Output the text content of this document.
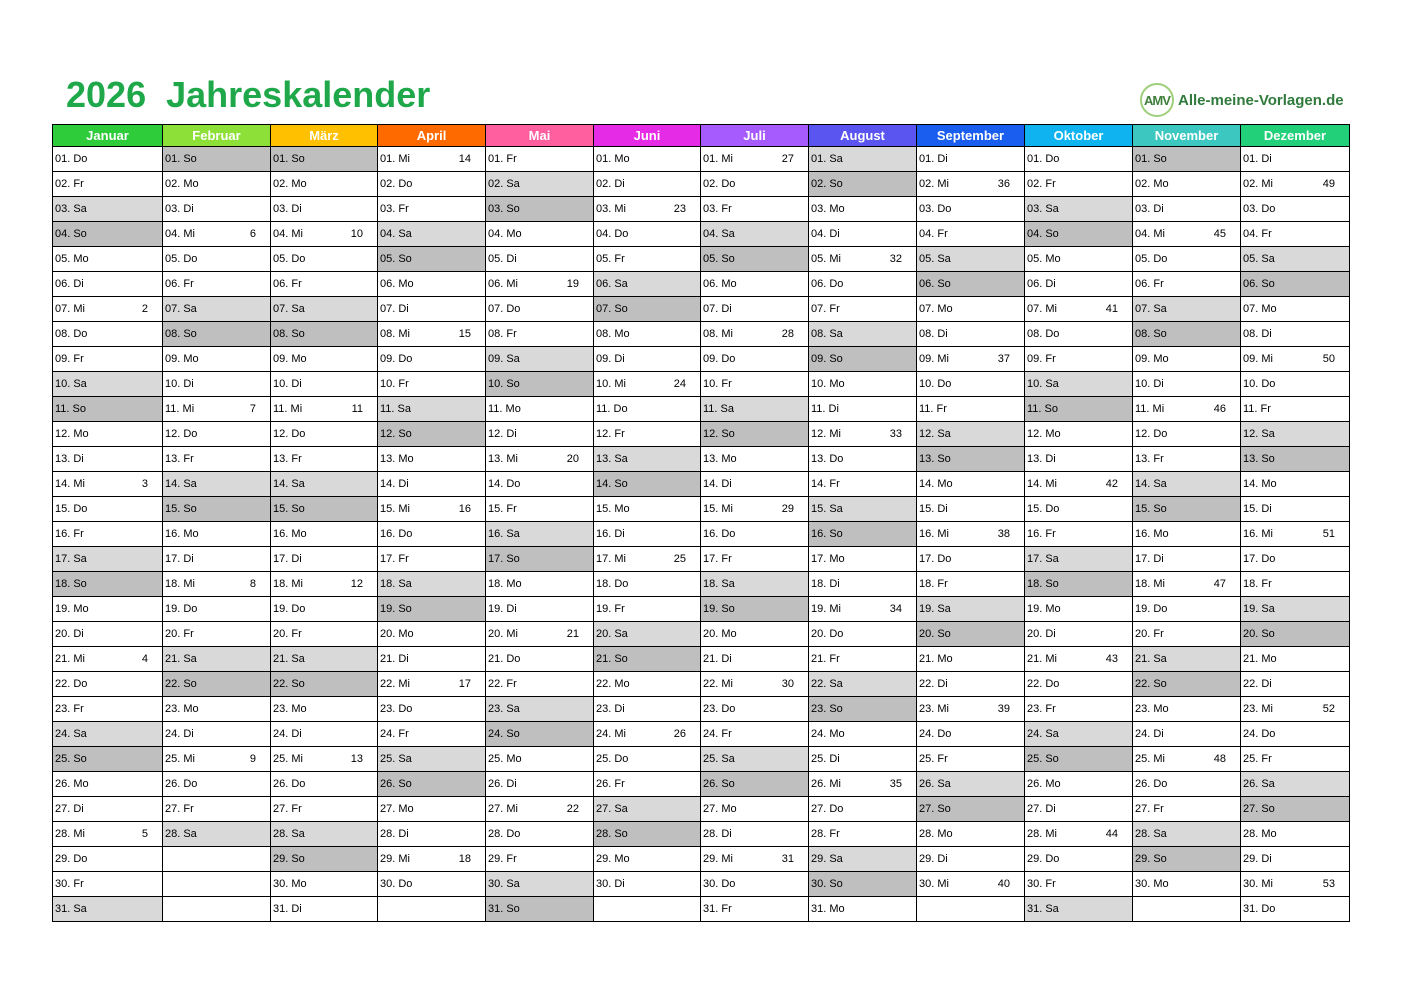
2026 Jahreskalender	AMV Alle-meine-Vorlagen.de
Januar	Februar	März	April	Mai	Juni	Juli	August	September	Oktober	November	Dezember

01. Do	01. So	01. So	01. Mi 14	01. Fr	01. Mo	01. Mi 27	01. Sa	01. Di	01. Do	01. So	01. Di

02. Fr	02. Mo	02. Mo	02. Do	02. Sa	02. Di	02. Do	02. So	02. Mi 36	02. Fr	02. Mo	02. Mi 49

03. Sa	03. Di	03. Di	03. Fr	03. So	03. Mi 23	03. Fr	03. Mo	03. Do	03. Sa	03. Di	03. Do

04. So	04. Mi 6	04. Mi 10	04. Sa	04. Mo	04. Do	04. Sa	04. Di	04. Fr	04. So	04. Mi 45	04. Fr

05. Mo	05. Do	05. Do	05. So	05. Di	05. Fr	05. So	05. Mi 32	05. Sa	05. Mo	05. Do	05. Sa

06. Di	06. Fr	06. Fr	06. Mo	06. Mi 19	06. Sa	06. Mo	06. Do	06. So	06. Di	06. Fr	06. So

07. Mi 2	07. Sa	07. Sa	07. Di	07. Do	07. So	07. Di	07. Fr	07. Mo	07. Mi 41	07. Sa	07. Mo

08. Do	08. So	08. So	08. Mi 15	08. Fr	08. Mo	08. Mi 28	08. Sa	08. Di	08. Do	08. So	08. Di

09. Fr	09. Mo	09. Mo	09. Do	09. Sa	09. Di	09. Do	09. So	09. Mi 37	09. Fr	09. Mo	09. Mi 50

10. Sa	10. Di	10. Di	10. Fr	10. So	10. Mi 24	10. Fr	10. Mo	10. Do	10. Sa	10. Di	10. Do

11. So	11. Mi 7	11. Mi 11	11. Sa	11. Mo	11. Do	11. Sa	11. Di	11. Fr	11. So	11. Mi 46	11. Fr

12. Mo	12. Do	12. Do	12. So	12. Di	12. Fr	12. So	12. Mi 33	12. Sa	12. Mo	12. Do	12. Sa

13. Di	13. Fr	13. Fr	13. Mo	13. Mi 20	13. Sa	13. Mo	13. Do	13. So	13. Di	13. Fr	13. So

14. Mi 3	14. Sa	14. Sa	14. Di	14. Do	14. So	14. Di	14. Fr	14. Mo	14. Mi 42	14. Sa	14. Mo

15. Do	15. So	15. So	15. Mi 16	15. Fr	15. Mo	15. Mi 29	15. Sa	15. Di	15. Do	15. So	15. Di

16. Fr	16. Mo	16. Mo	16. Do	16. Sa	16. Di	16. Do	16. So	16. Mi 38	16. Fr	16. Mo	16. Mi 51

17. Sa	17. Di	17. Di	17. Fr	17. So	17. Mi 25	17. Fr	17. Mo	17. Do	17. Sa	17. Di	17. Do

18. So	18. Mi 8	18. Mi 12	18. Sa	18. Mo	18. Do	18. Sa	18. Di	18. Fr	18. So	18. Mi 47	18. Fr

19. Mo	19. Do	19. Do	19. So	19. Di	19. Fr	19. So	19. Mi 34	19. Sa	19. Mo	19. Do	19. Sa

20. Di	20. Fr	20. Fr	20. Mo	20. Mi 21	20. Sa	20. Mo	20. Do	20. So	20. Di	20. Fr	20. So

21. Mi 4	21. Sa	21. Sa	21. Di	21. Do	21. So	21. Di	21. Fr	21. Mo	21. Mi 43	21. Sa	21. Mo

22. Do	22. So	22. So	22. Mi 17	22. Fr	22. Mo	22. Mi 30	22. Sa	22. Di	22. Do	22. So	22. Di

23. Fr	23. Mo	23. Mo	23. Do	23. Sa	23. Di	23. Do	23. So	23. Mi 39	23. Fr	23. Mo	23. Mi 52

24. Sa	24. Di	24. Di	24. Fr	24. So	24. Mi 26	24. Fr	24. Mo	24. Do	24. Sa	24. Di	24. Do

25. So	25. Mi 9	25. Mi 13	25. Sa	25. Mo	25. Do	25. Sa	25. Di	25. Fr	25. So	25. Mi 48	25. Fr

26. Mo	26. Do	26. Do	26. So	26. Di	26. Fr	26. So	26. Mi 35	26. Sa	26. Mo	26. Do	26. Sa

27. Di	27. Fr	27. Fr	27. Mo	27. Mi 22	27. Sa	27. Mo	27. Do	27. So	27. Di	27. Fr	27. So

28. Mi 5	28. Sa	28. Sa	28. Di	28. Do	28. So	28. Di	28. Fr	28. Mo	28. Mi 44	28. Sa	28. Mo

29. Do		29. So	29. Mi 18	29. Fr	29. Mo	29. Mi 31	29. Sa	29. Di	29. Do	29. So	29. Di

30. Fr		30. Mo	30. Do	30. Sa	30. Di	30. Do	30. So	30. Mi 40	30. Fr	30. Mo	30. Mi 53

31. Sa		31. Di		31. So		31. Fr	31. Mo		31. Sa		31. Do
